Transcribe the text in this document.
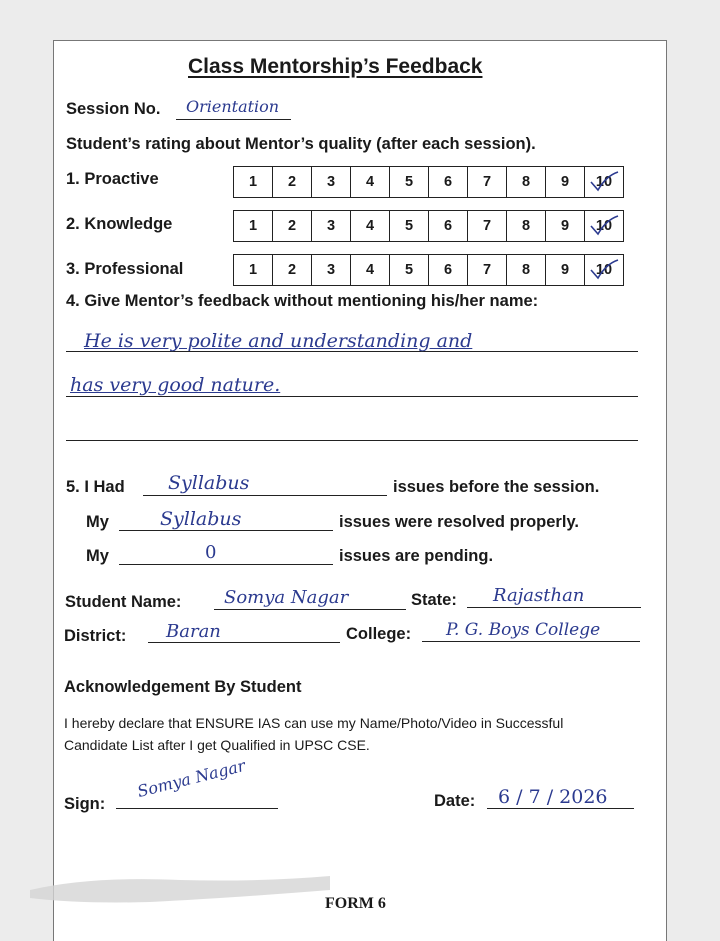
Class Mentorship’s Feedback
Session No. Orientation
Student’s rating about Mentor’s quality (after each session).
1. Proactive	1	2	3	4	5	6	7	8	9	10
2. Knowledge	1	2	3	4	5	6	7	8	9	10
3. Professional	1	2	3	4	5	6	7	8	9	10
4. Give Mentor’s feedback without mentioning his/her name:
He is very polite and understanding and
has very good nature.
5. I Had Syllabus	issues before the session.
My	Syllabus	issues were resolved properly.
My	0	issues are pending.
Student Name: Somya Nagar	State: Rajasthan
District: Baran	College: P. G. Boys College
Acknowledgement By Student
I hereby declare that ENSURE IAS can use my Name/Photo/Video in Successful
Candidate List after I get Qualified in UPSC CSE.
Sign:
Somya Nagar	Date: 6 / 7 / 2026
FORM 6
